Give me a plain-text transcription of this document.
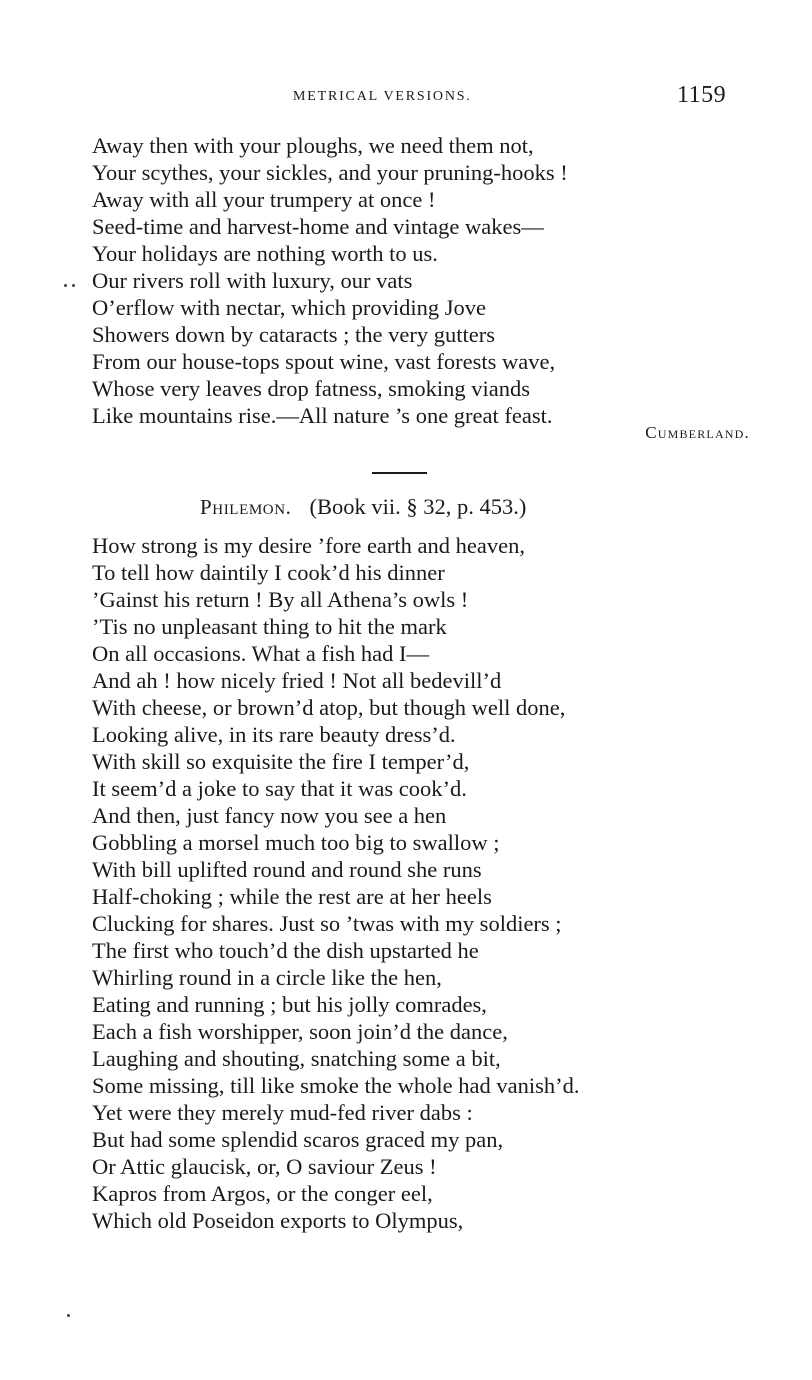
METRICAL VERSIONS.	1159
Away then with your ploughs, we need them not,
Your scythes, your sickles, and your pruning-hooks !
Away with all your trumpery at once !
Seed-time and harvest-home and vintage wakes—
Your holidays are nothing worth to us.
Our rivers roll with luxury, our vats
O’erflow with nectar, which providing Jove
Showers down by cataracts ; the very gutters
From our house-tops spout wine, vast forests wave,
Whose very leaves drop fatness, smoking viands
Like mountains rise.—All nature ’s one great feast.
Cumberland.
Philemon. (Book vii. § 32, p. 453.)
How strong is my desire ’fore earth and heaven,
To tell how daintily I cook’d his dinner
’Gainst his return ! By all Athena’s owls !
’Tis no unpleasant thing to hit the mark
On all occasions. What a fish had I—
And ah ! how nicely fried ! Not all bedevill’d
With cheese, or brown’d atop, but though well done,
Looking alive, in its rare beauty dress’d.
With skill so exquisite the fire I temper’d,
It seem’d a joke to say that it was cook’d.
And then, just fancy now you see a hen
Gobbling a morsel much too big to swallow ;
With bill uplifted round and round she runs
Half-choking ; while the rest are at her heels
Clucking for shares. Just so ’twas with my soldiers ;
The first who touch’d the dish upstarted he
Whirling round in a circle like the hen,
Eating and running ; but his jolly comrades,
Each a fish worshipper, soon join’d the dance,
Laughing and shouting, snatching some a bit,
Some missing, till like smoke the whole had vanish’d.
Yet were they merely mud-fed river dabs :
But had some splendid scaros graced my pan,
Or Attic glaucisk, or, O saviour Zeus !
Kapros from Argos, or the conger eel,
Which old Poseidon exports to Olympus,
